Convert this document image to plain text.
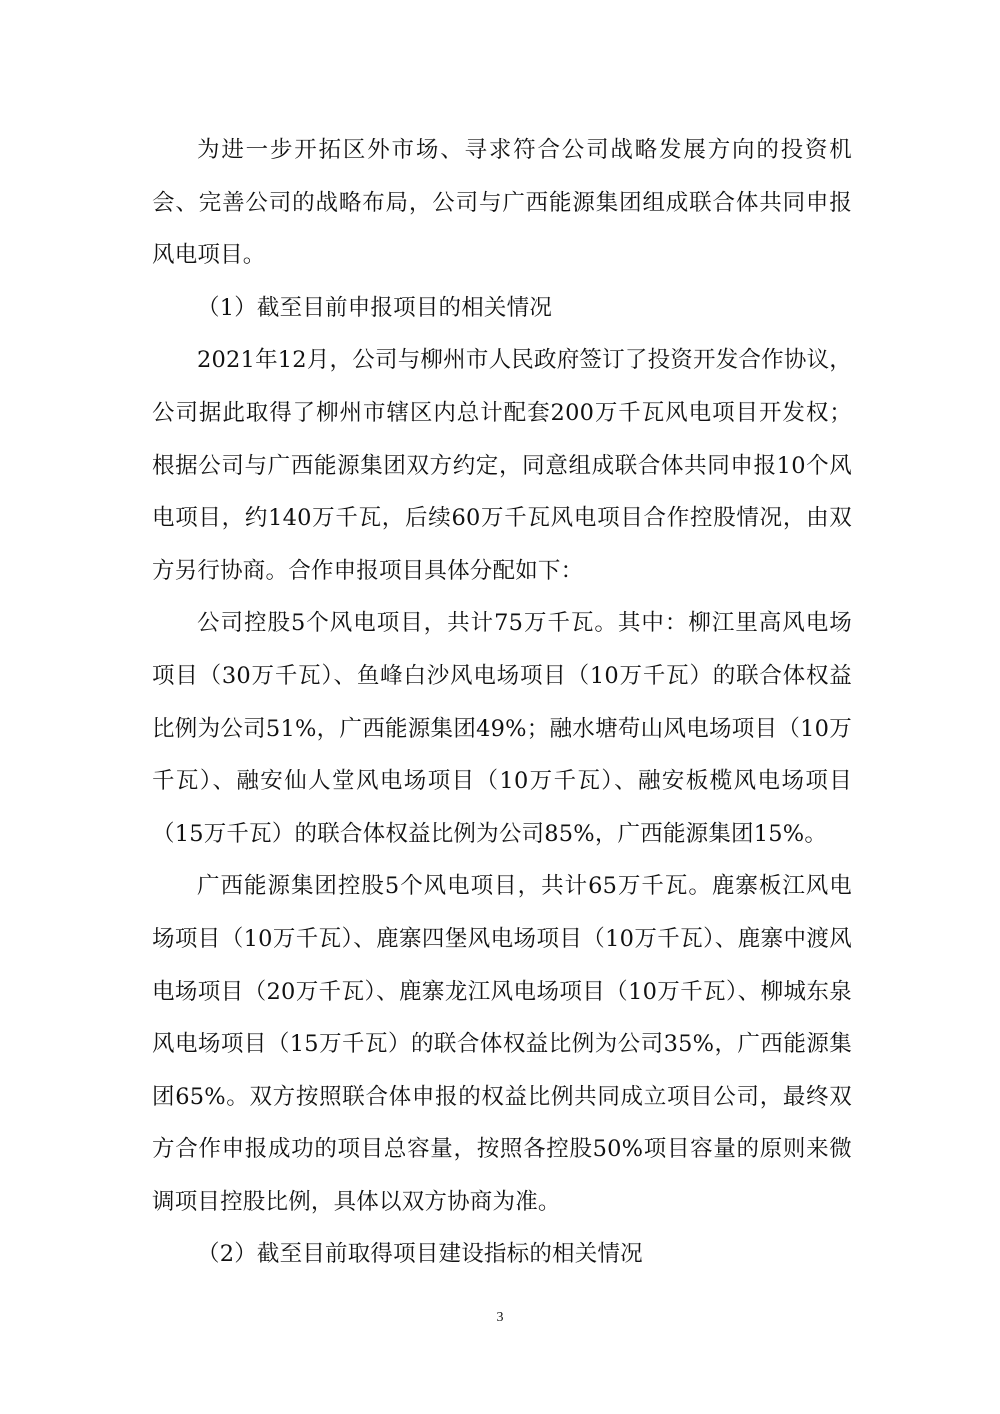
为进一步开拓区外市场、寻求符合公司战略发展方向的投资机会、完善公司的战略布局，公司与广西能源集团组成联合体共同申报风电项目。

（1）截至目前申报项目的相关情况

2021年12月，公司与柳州市人民政府签订了投资开发合作协议，公司据此取得了柳州市辖区内总计配套200万千瓦风电项目开发权；根据公司与广西能源集团双方约定，同意组成联合体共同申报10个风电项目，约140万千瓦，后续60万千瓦风电项目合作控股情况，由双方另行协商。合作申报项目具体分配如下：

公司控股5个风电项目，共计75万千瓦。其中：柳江里高风电场项目（30万千瓦）、鱼峰白沙风电场项目（10万千瓦）的联合体权益比例为公司51%，广西能源集团49%；融水塘苟山风电场项目（10万千瓦）、融安仙人堂风电场项目（10万千瓦）、融安板榄风电场项目（15万千瓦）的联合体权益比例为公司85%，广西能源集团15%。

广西能源集团控股5个风电项目，共计65万千瓦。鹿寨板江风电场项目（10万千瓦）、鹿寨四堡风电场项目（10万千瓦）、鹿寨中渡风电场项目（20万千瓦）、鹿寨龙江风电场项目（10万千瓦）、柳城东泉风电场项目（15万千瓦）的联合体权益比例为公司35%，广西能源集团65%。双方按照联合体申报的权益比例共同成立项目公司，最终双方合作申报成功的项目总容量，按照各控股50%项目容量的原则来微调项目控股比例，具体以双方协商为准。

（2）截至目前取得项目建设指标的相关情况

3
